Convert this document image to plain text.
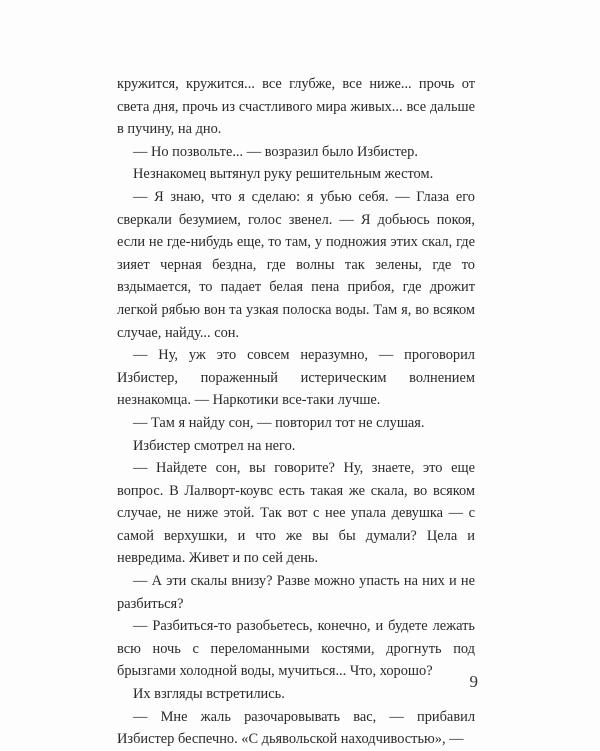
кружится, кружится... все глубже, все ниже... прочь от света дня, прочь из счастливого мира живых... все дальше в пучину, на дно.

— Но позвольте... — возразил было Избистер.

Незнакомец вытянул руку решительным жестом.

— Я знаю, что я сделаю: я убью себя. — Глаза его сверкали безумием, голос звенел. — Я добьюсь покоя, если не где-нибудь еще, то там, у подножия этих скал, где зияет черная бездна, где волны так зелены, где то вздымается, то падает белая пена прибоя, где дрожит легкой рябью вон та узкая полоска воды. Там я, во всяком случае, найду... сон.

— Ну, уж это совсем неразумно, — проговорил Избистер, пораженный истерическим волнением незнакомца. — Наркотики все-таки лучше.

— Там я найду сон, — повторил тот не слушая.

Избистер смотрел на него.

— Найдете сон, вы говорите? Ну, знаете, это еще вопрос. В Лалворт-коувс есть такая же скала, во всяком случае, не ниже этой. Так вот с нее упала девушка — с самой верхушки, и что же вы бы думали? Цела и невредима. Живет и по сей день.

— А эти скалы внизу? Разве можно упасть на них и не разбиться?

— Разбиться-то разобьетесь, конечно, и будете лежать всю ночь с переломанными костями, дрогнуть под брызгами холодной воды, мучиться... Что, хорошо?

Их взгляды встретились.

— Мне жаль разочаровывать вас, — прибавил Избистер беспечно. «С дьявольской находчивостью», —

9
